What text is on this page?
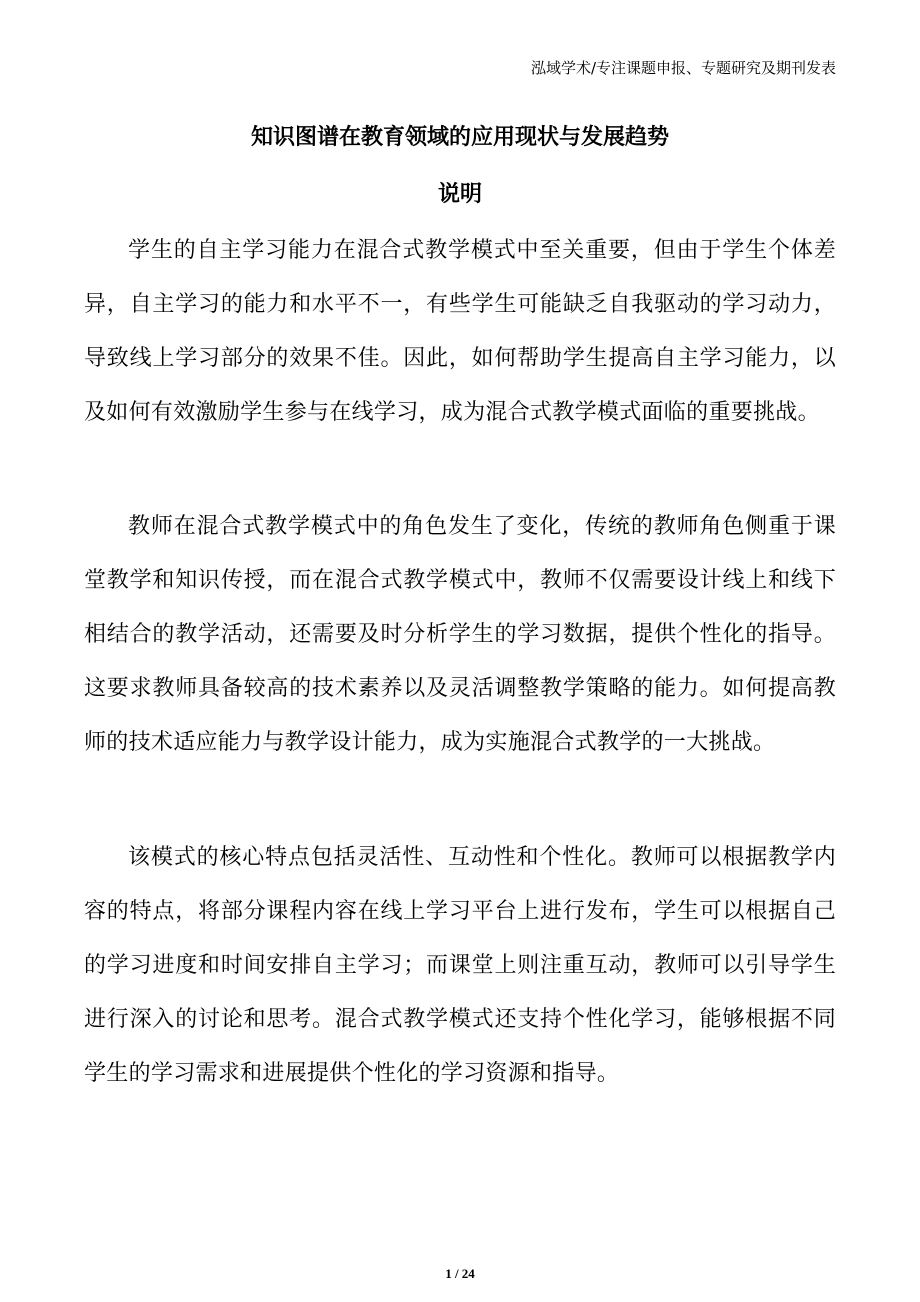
泓域学术/专注课题申报、专题研究及期刊发表
知识图谱在教育领域的应用现状与发展趋势
说明

学生的自主学习能力在混合式教学模式中至关重要，但由于学生个体差异，自主学习的能力和水平不一，有些学生可能缺乏自我驱动的学习动力，导致线上学习部分的效果不佳。因此，如何帮助学生提高自主学习能力，以及如何有效激励学生参与在线学习，成为混合式教学模式面临的重要挑战。

教师在混合式教学模式中的角色发生了变化，传统的教师角色侧重于课堂教学和知识传授，而在混合式教学模式中，教师不仅需要设计线上和线下相结合的教学活动，还需要及时分析学生的学习数据，提供个性化的指导。这要求教师具备较高的技术素养以及灵活调整教学策略的能力。如何提高教师的技术适应能力与教学设计能力，成为实施混合式教学的一大挑战。

该模式的核心特点包括灵活性、互动性和个性化。教师可以根据教学内容的特点，将部分课程内容在线上学习平台上进行发布，学生可以根据自己的学习进度和时间安排自主学习；而课堂上则注重互动，教师可以引导学生进行深入的讨论和思考。混合式教学模式还支持个性化学习，能够根据不同学生的学习需求和进展提供个性化的学习资源和指导。

1 / 24
